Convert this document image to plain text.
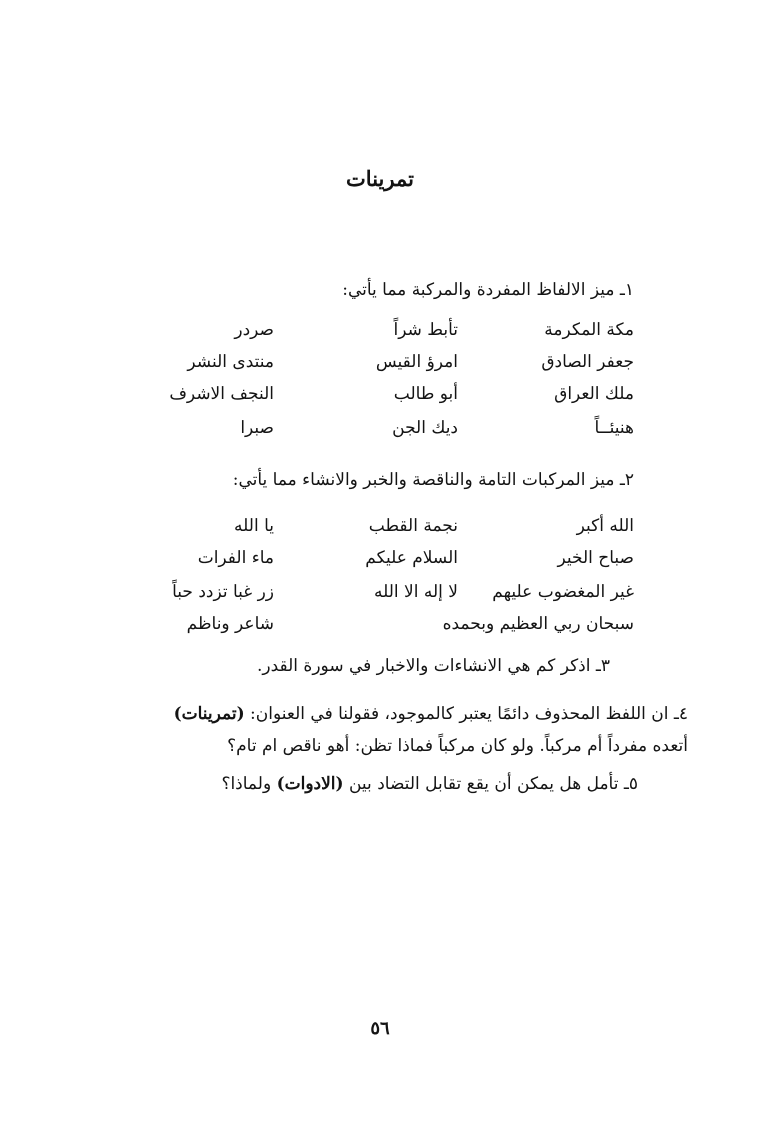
تمرينات
١ـ ميز الالفاظ المفردة والمركبة مما يأتي:
مكة المكرمة
تأبط شراً
صردر
جعفر الصادق
امرؤ القيس
منتدى النشر
ملك العراق
أبو طالب
النجف الاشرف
هنيئــاً
ديك الجن
صبرا
٢ـ ميز المركبات التامة والناقصة والخبر والانشاء مما يأتي:
الله أكبر
نجمة القطب
يا الله
صباح الخير
السلام عليكم
ماء الفرات
غير المغضوب عليهم
لا إله الا الله
زر غبا تزدد حباً
سبحان ربي العظيم وبحمده
شاعر وناظم
٣ـ اذكر كم هي الانشاءات والاخبار في سورة القدر.
٤ـ ان اللفظ المحذوف دائمًا يعتبر كالموجود، فقولنا في العنوان: (تمرينات)
أتعده مفرداً أم مركباً. ولو كان مركباً فماذا تظن: أهو ناقص ام تام؟
٥ـ تأمل هل يمكن أن يقع تقابل التضاد بين (الادوات) ولماذا؟
٥٦
